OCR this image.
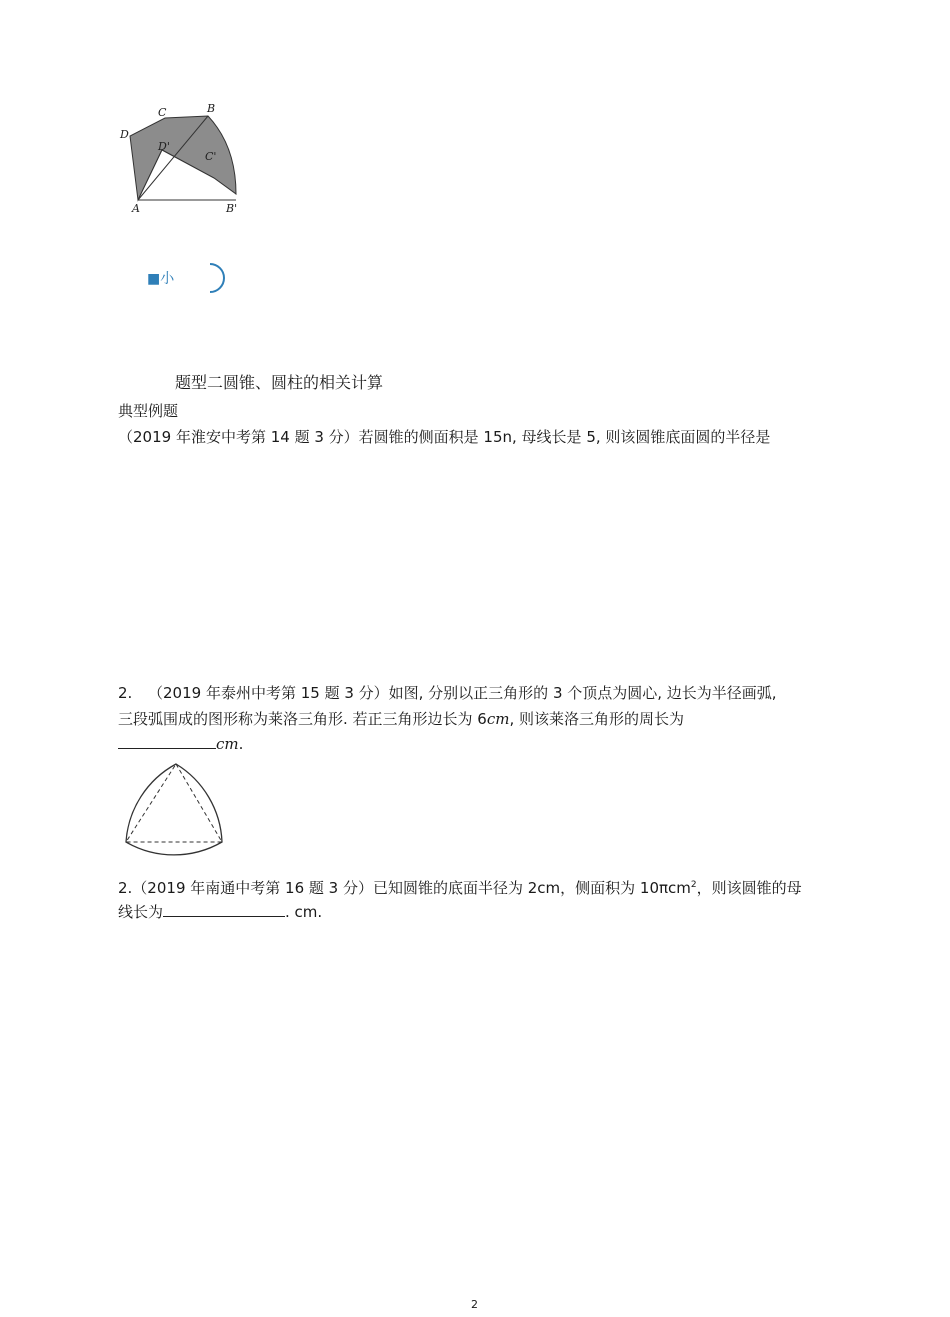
D
C	B
D'
C'
A	B'
■小
题型二圆锥、圆柱的相关计算
典型例题
（2019 年淮安中考第 14 题 3 分）若圆锥的侧面积是 15n, 母线长是 5, 则该圆锥底面圆的半径是
2. （2019 年泰州中考第 15 题 3 分）如图, 分别以正三角形的 3 个顶点为圆心, 边长为半径画弧,
三段弧围成的图形称为莱洛三角形. 若正三角形边长为 6cm, 则该莱洛三角形的周长为
cm.
2.（2019 年南通中考第 16 题 3 分）已知圆锥的底面半径为 2cm，侧面积为 10πcm$^2$，则该圆锥的母
线长为	. cm.
2
